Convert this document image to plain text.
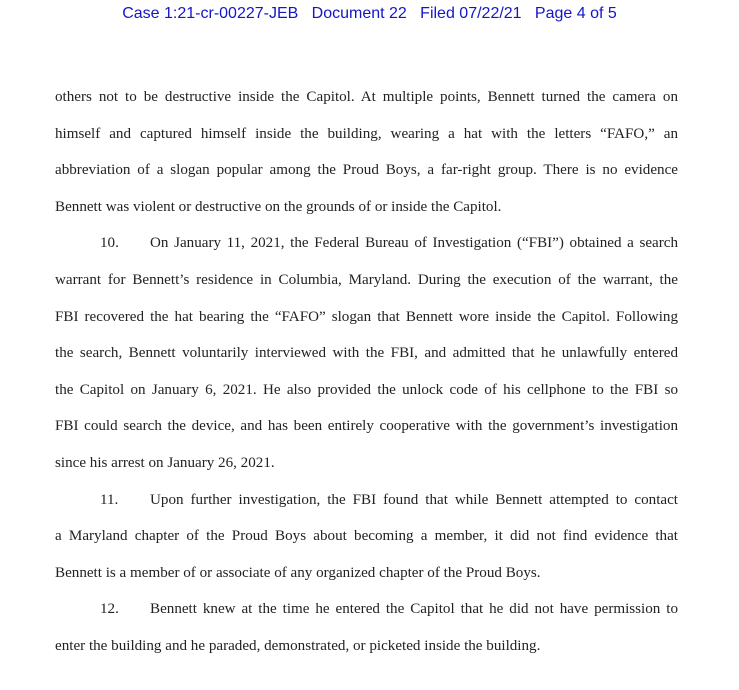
Case 1:21-cr-00227-JEB Document 22 Filed 07/22/21 Page 4 of 5
others not to be destructive inside the Capitol. At multiple points, Bennett turned the camera on
himself and captured himself inside the building, wearing a hat with the letters “FAFO,” an
abbreviation of a slogan popular among the Proud Boys, a far-right group. There is no evidence
Bennett was violent or destructive on the grounds of or inside the Capitol.
10. On January 11, 2021, the Federal Bureau of Investigation (“FBI”) obtained a search
warrant for Bennett’s residence in Columbia, Maryland. During the execution of the warrant, the
FBI recovered the hat bearing the “FAFO” slogan that Bennett wore inside the Capitol. Following
the search, Bennett voluntarily interviewed with the FBI, and admitted that he unlawfully entered
the Capitol on January 6, 2021. He also provided the unlock code of his cellphone to the FBI so
FBI could search the device, and has been entirely cooperative with the government’s investigation
since his arrest on January 26, 2021.
11. Upon further investigation, the FBI found that while Bennett attempted to contact
a Maryland chapter of the Proud Boys about becoming a member, it did not find evidence that
Bennett is a member of or associate of any organized chapter of the Proud Boys.
12. Bennett knew at the time he entered the Capitol that he did not have permission to
enter the building and he paraded, demonstrated, or picketed inside the building.
